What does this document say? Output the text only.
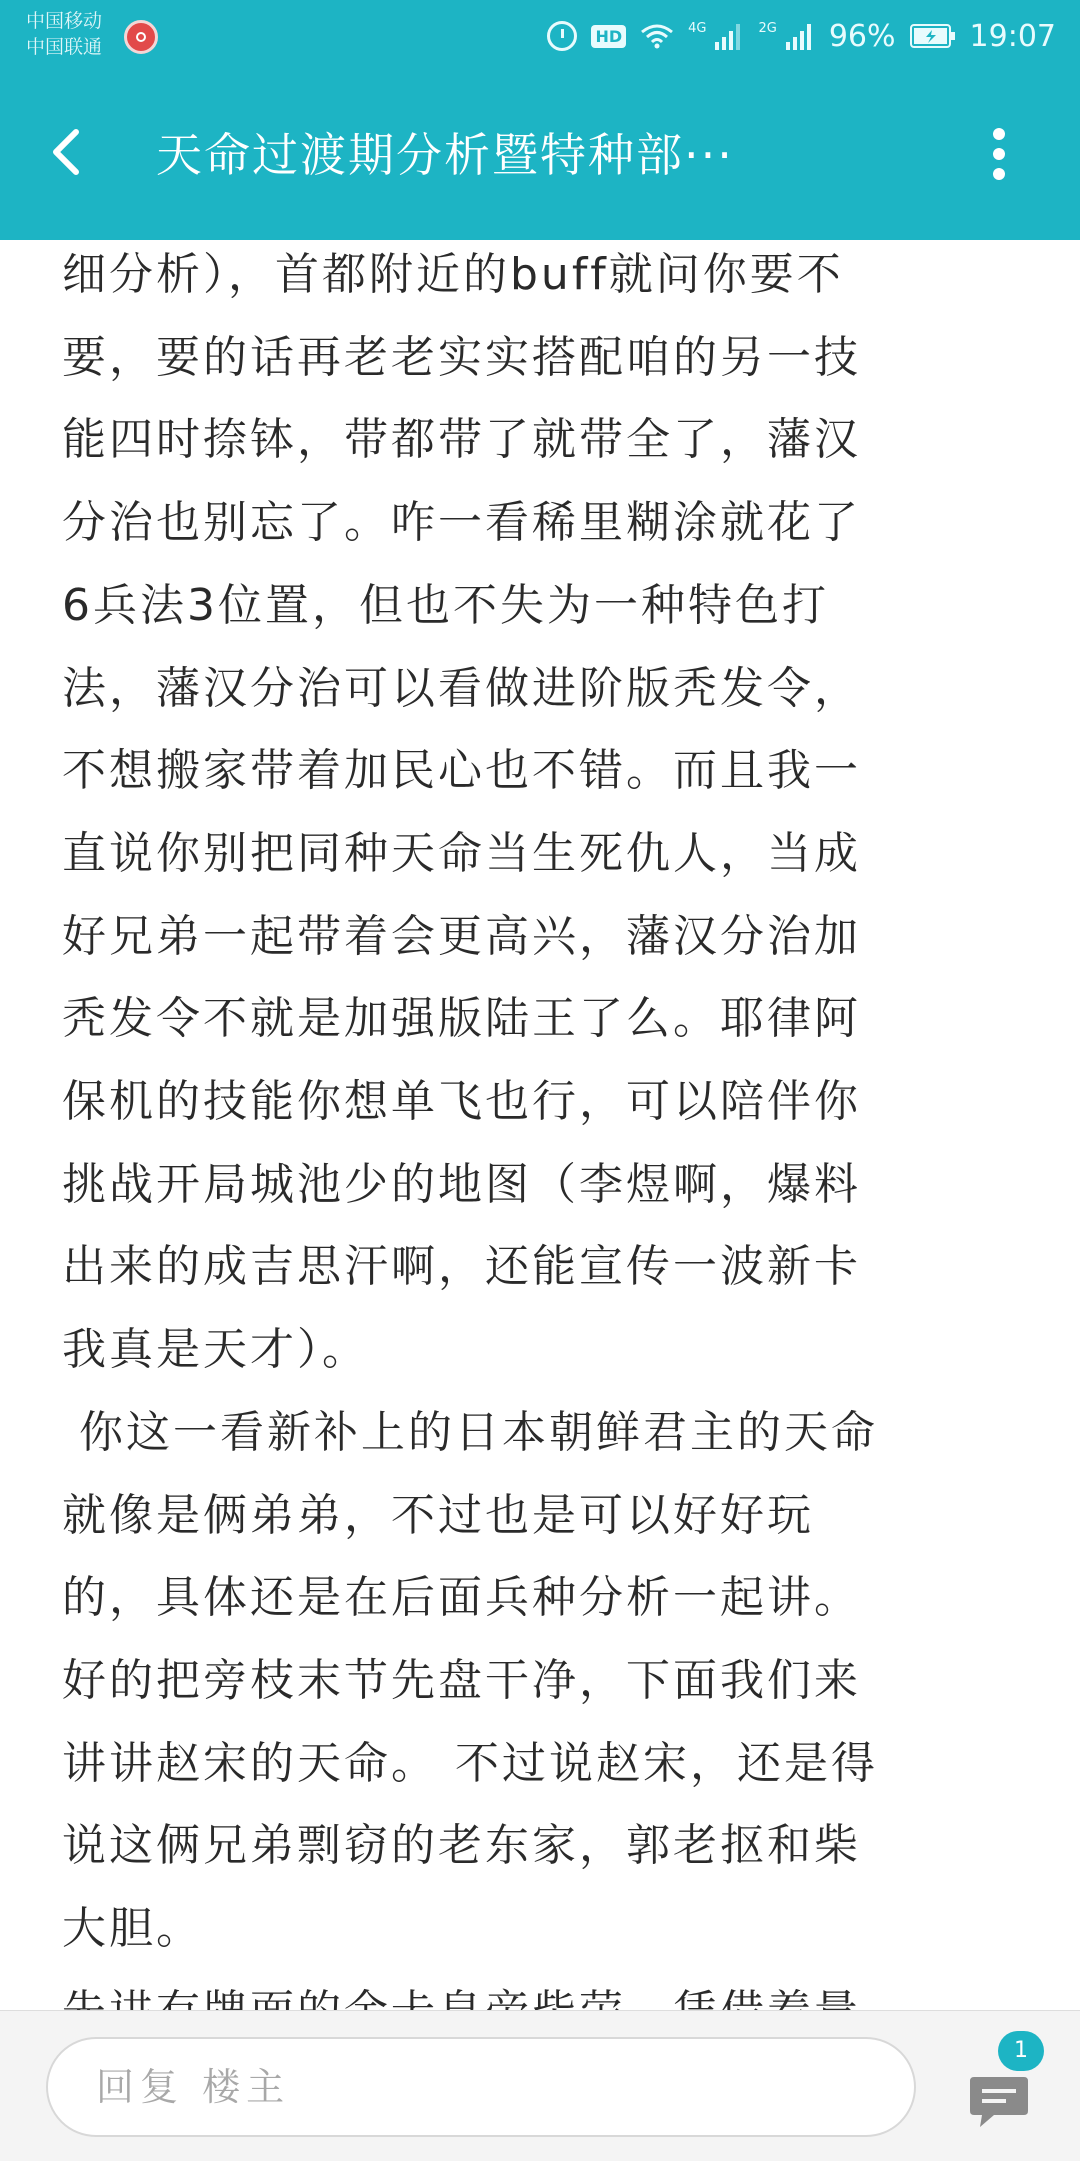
中国移动
中国联通	HD	4G	2G 96% 19:07
天命过渡期分析暨特种部···
细分析），首都附近的buff就问你要不
要，要的话再老老实实搭配咱的另一技
能四时捺钵，带都带了就带全了，藩汉
分治也别忘了。咋一看稀里糊涂就花了
6兵法3位置，但也不失为一种特色打
法，藩汉分治可以看做进阶版秃发令，
不想搬家带着加民心也不错。而且我一
直说你别把同种天命当生死仇人，当成
好兄弟一起带着会更高兴，藩汉分治加
秃发令不就是加强版陆王了么。耶律阿
保机的技能你想单飞也行，可以陪伴你
挑战开局城池少的地图（李煜啊，爆料
出来的成吉思汗啊，还能宣传一波新卡
我真是天才）。
你这一看新补上的日本朝鲜君主的天命
就像是俩弟弟，不过也是可以好好玩
的，具体还是在后面兵种分析一起讲。
好的把旁枝末节先盘干净，下面我们来
讲讲赵宋的天命。 不过说赵宋，还是得
说这俩兄弟剽窃的老东家，郭老抠和柴
大胆。
回复 楼主
1
